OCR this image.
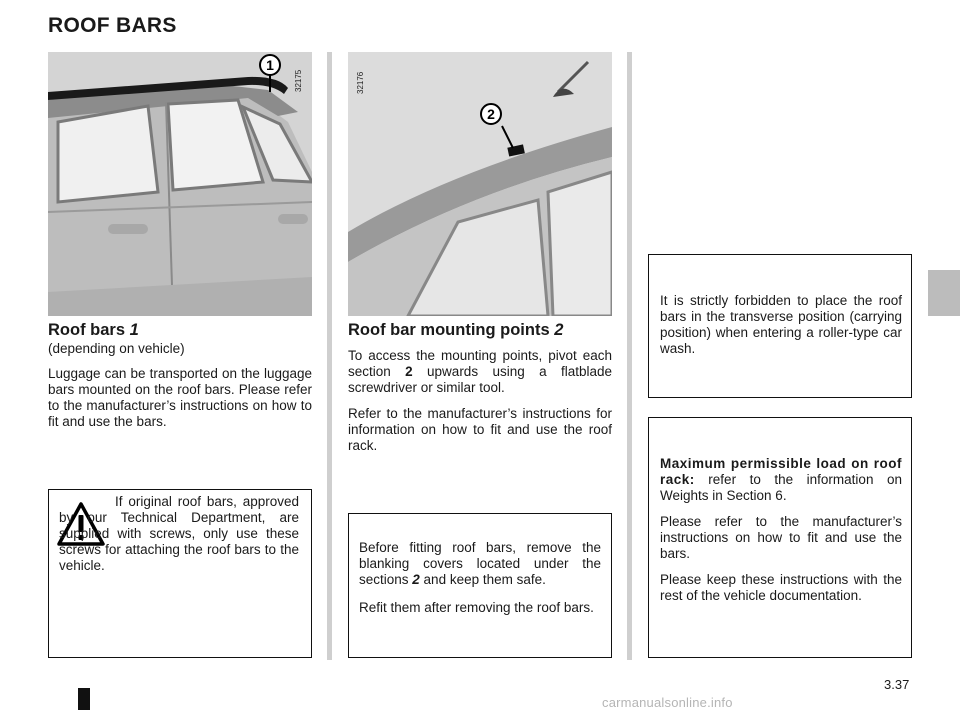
ROOF BARS
1
32175
2
32176
Roof bars 1
(depending on vehicle)
Luggage can be transported on the luggage bars mounted on the roof bars. Please refer to the manufacturer’s instructions on how to fit and use the bars.
Roof bar mounting points 2
To access the mounting points, pivot each section 2 upwards using a flatblade screwdriver or similar tool.
Refer to the manufacturer’s instructions for information on how to fit and use the roof rack.
If original roof bars, approved by our Technical Department, are supplied with screws, only use these screws for attaching the roof bars to the vehicle.
Before fitting roof bars, remove the blanking covers located under the sections 2 and keep them safe.
Refit them after removing the roof bars.
It is strictly forbidden to place the roof bars in the transverse position (carrying position) when entering a roller-type car wash.
Maximum permissible load on roof rack: refer to the information on Weights in Section 6.
Please refer to the manufacturer’s instructions on how to fit and use the bars.
Please keep these instructions with the rest of the vehicle documentation.
3.37
carmanualsonline.info
